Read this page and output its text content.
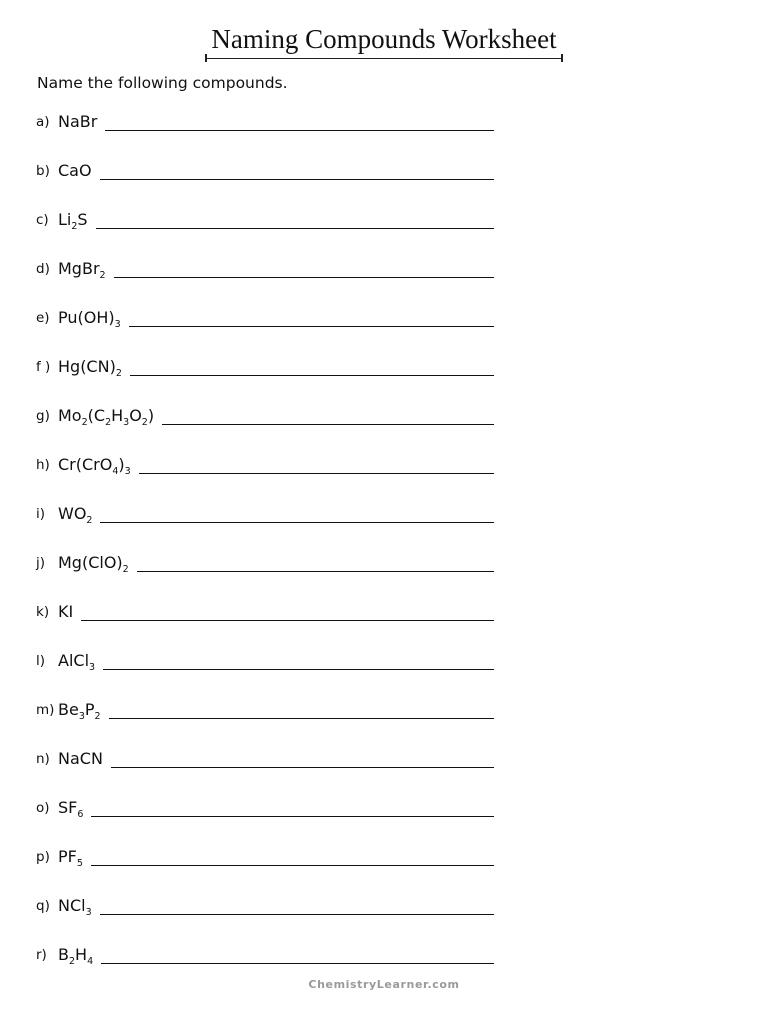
Naming Compounds Worksheet
Name the following compounds.
a) NaBr
b) CaO
c) $Li_2S$
d) MgBr$_2$
e) $Pu(OH)_3$
f ) $Hg(CN)_2$
g) $Mo_2(C_2H_3O_2)$
h) $Cr(CrO_4)_3$
i) $WO_2$
j) $Mg(ClO)_2$
k) KI
l) AlCl$_3$
m) $Be_3P_2$
n) NaCN
o) $SF_6$
p) $PF_5$
q) NCl$_3$
r) $B_2H_4$
ChemistryLearner.com
